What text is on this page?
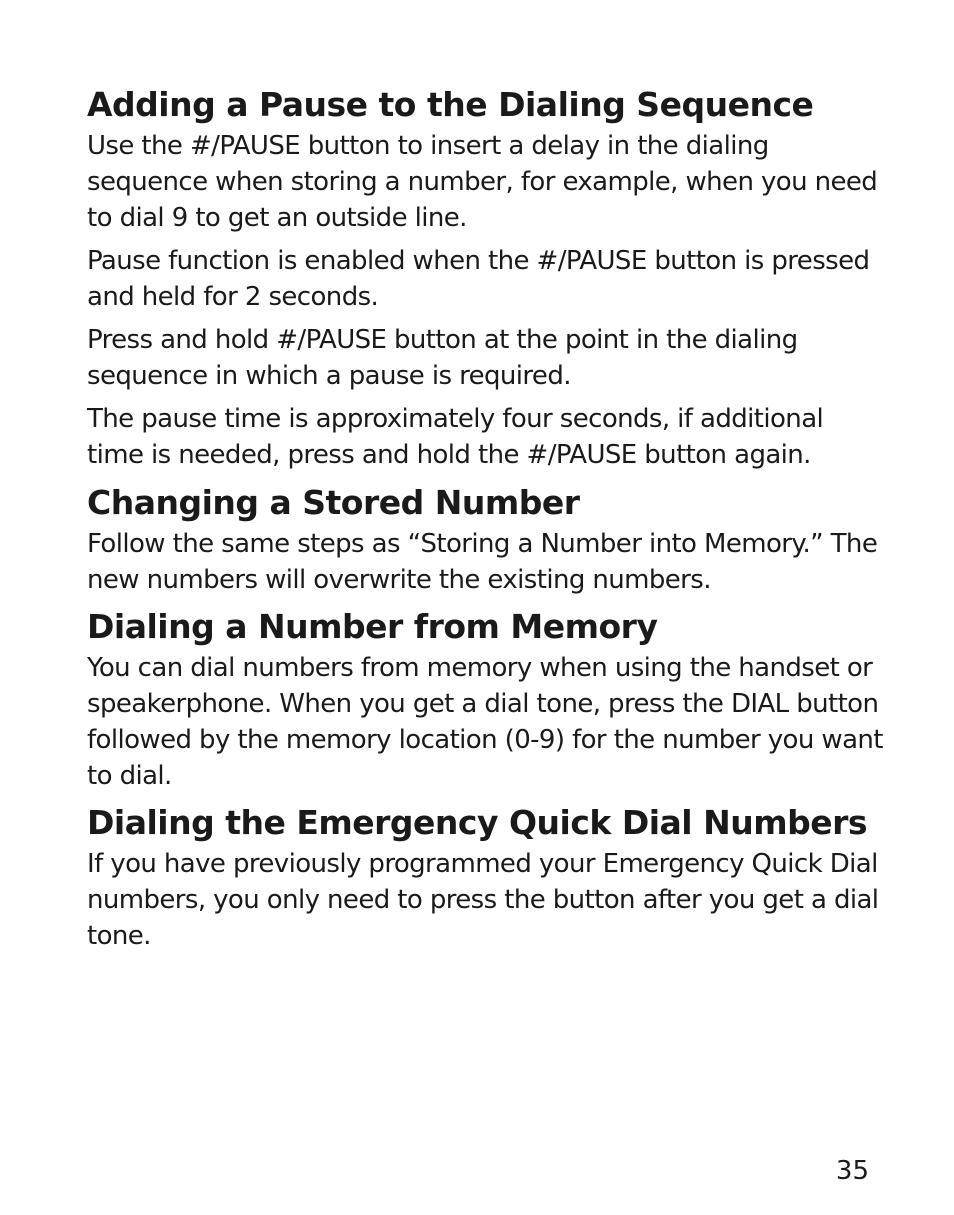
Adding a Pause to the Dialing Sequence

Use the #/PAUSE button to insert a delay in the dialing sequence when storing a number, for example, when you need to dial 9 to get an outside line.

Pause function is enabled when the #/PAUSE button is pressed and held for 2 seconds.

Press and hold #/PAUSE button at the point in the dialing sequence in which a pause is required.

The pause time is approximately four seconds, if additional time is needed, press and hold the #/PAUSE button again.

Changing a Stored Number

Follow the same steps as “Storing a Number into Memory.” The new numbers will overwrite the existing numbers.

Dialing a Number from Memory

You can dial numbers from memory when using the handset or speakerphone. When you get a dial tone, press the DIAL button followed by the memory location (0-9) for the number you want to dial.

Dialing the Emergency Quick Dial Numbers

If you have previously programmed your Emergency Quick Dial numbers, you only need to press the button after you get a dial tone.

35
